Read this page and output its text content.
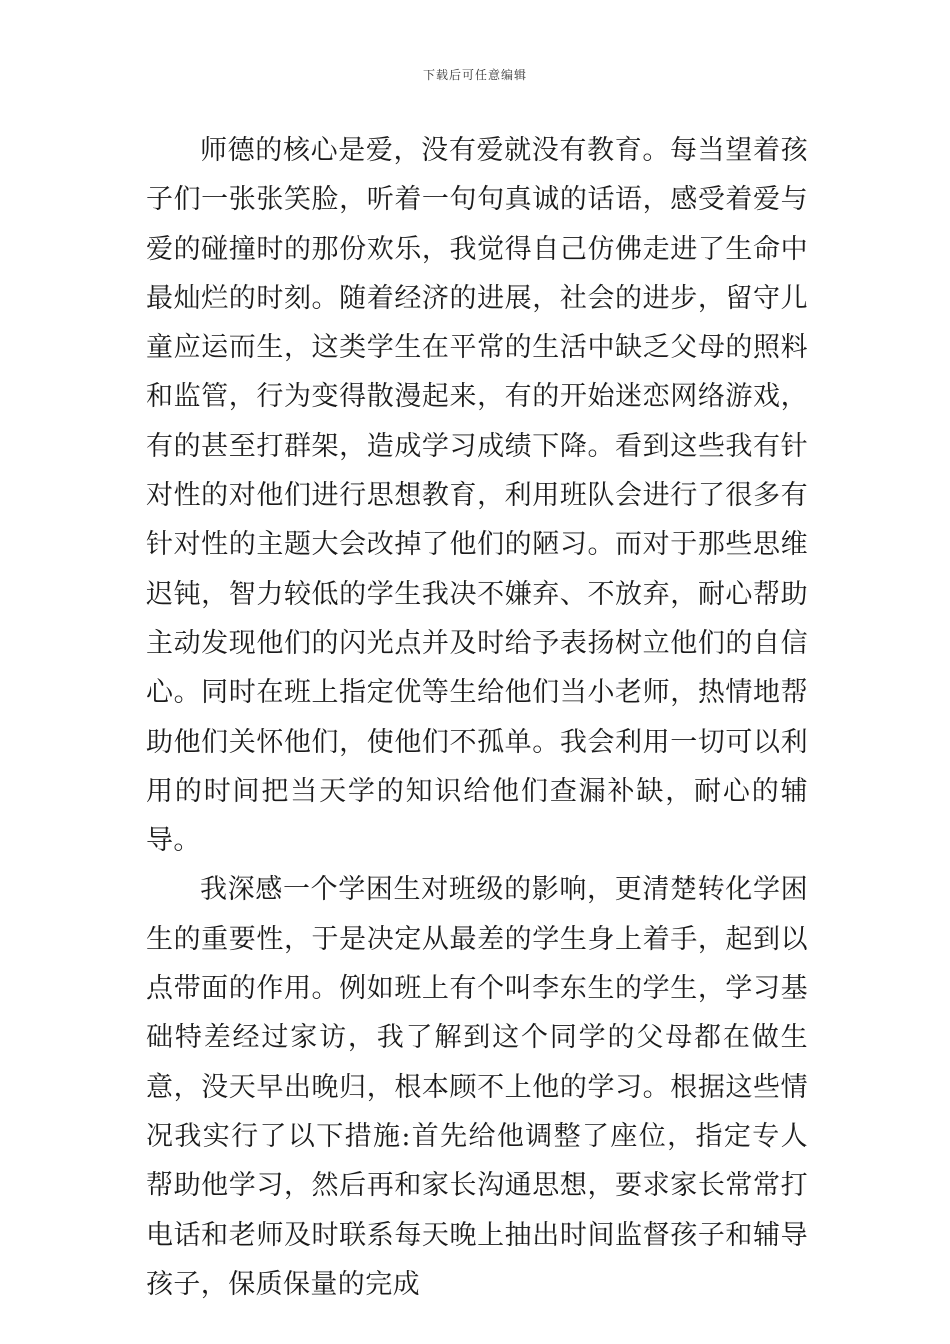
下载后可任意编辑

师德的核心是爱，没有爱就没有教育。每当望着孩子们一张张笑脸，听着一句句真诚的话语，感受着爱与爱的碰撞时的那份欢乐，我觉得自己仿佛走进了生命中最灿烂的时刻。随着经济的进展，社会的进步，留守儿童应运而生，这类学生在平常的生活中缺乏父母的照料和监管，行为变得散漫起来，有的开始迷恋网络游戏，有的甚至打群架，造成学习成绩下降。看到这些我有针对性的对他们进行思想教育，利用班队会进行了很多有针对性的主题大会改掉了他们的陋习。而对于那些思维迟钝，智力较低的学生我决不嫌弃、不放弃，耐心帮助主动发现他们的闪光点并及时给予表扬树立他们的自信心。同时在班上指定优等生给他们当小老师，热情地帮助他们关怀他们，使他们不孤单。我会利用一切可以利用的时间把当天学的知识给他们查漏补缺，耐心的辅导。

我深感一个学困生对班级的影响，更清楚转化学困生的重要性，于是决定从最差的学生身上着手，起到以点带面的作用。例如班上有个叫李东生的学生，学习基础特差经过家访，我了解到这个同学的父母都在做生意，没天早出晚归，根本顾不上他的学习。根据这些情况我实行了以下措施:首先给他调整了座位，指定专人帮助他学习，然后再和家长沟通思想，要求家长常常打电话和老师及时联系每天晚上抽出时间监督孩子和辅导孩子，保质保量的完成
